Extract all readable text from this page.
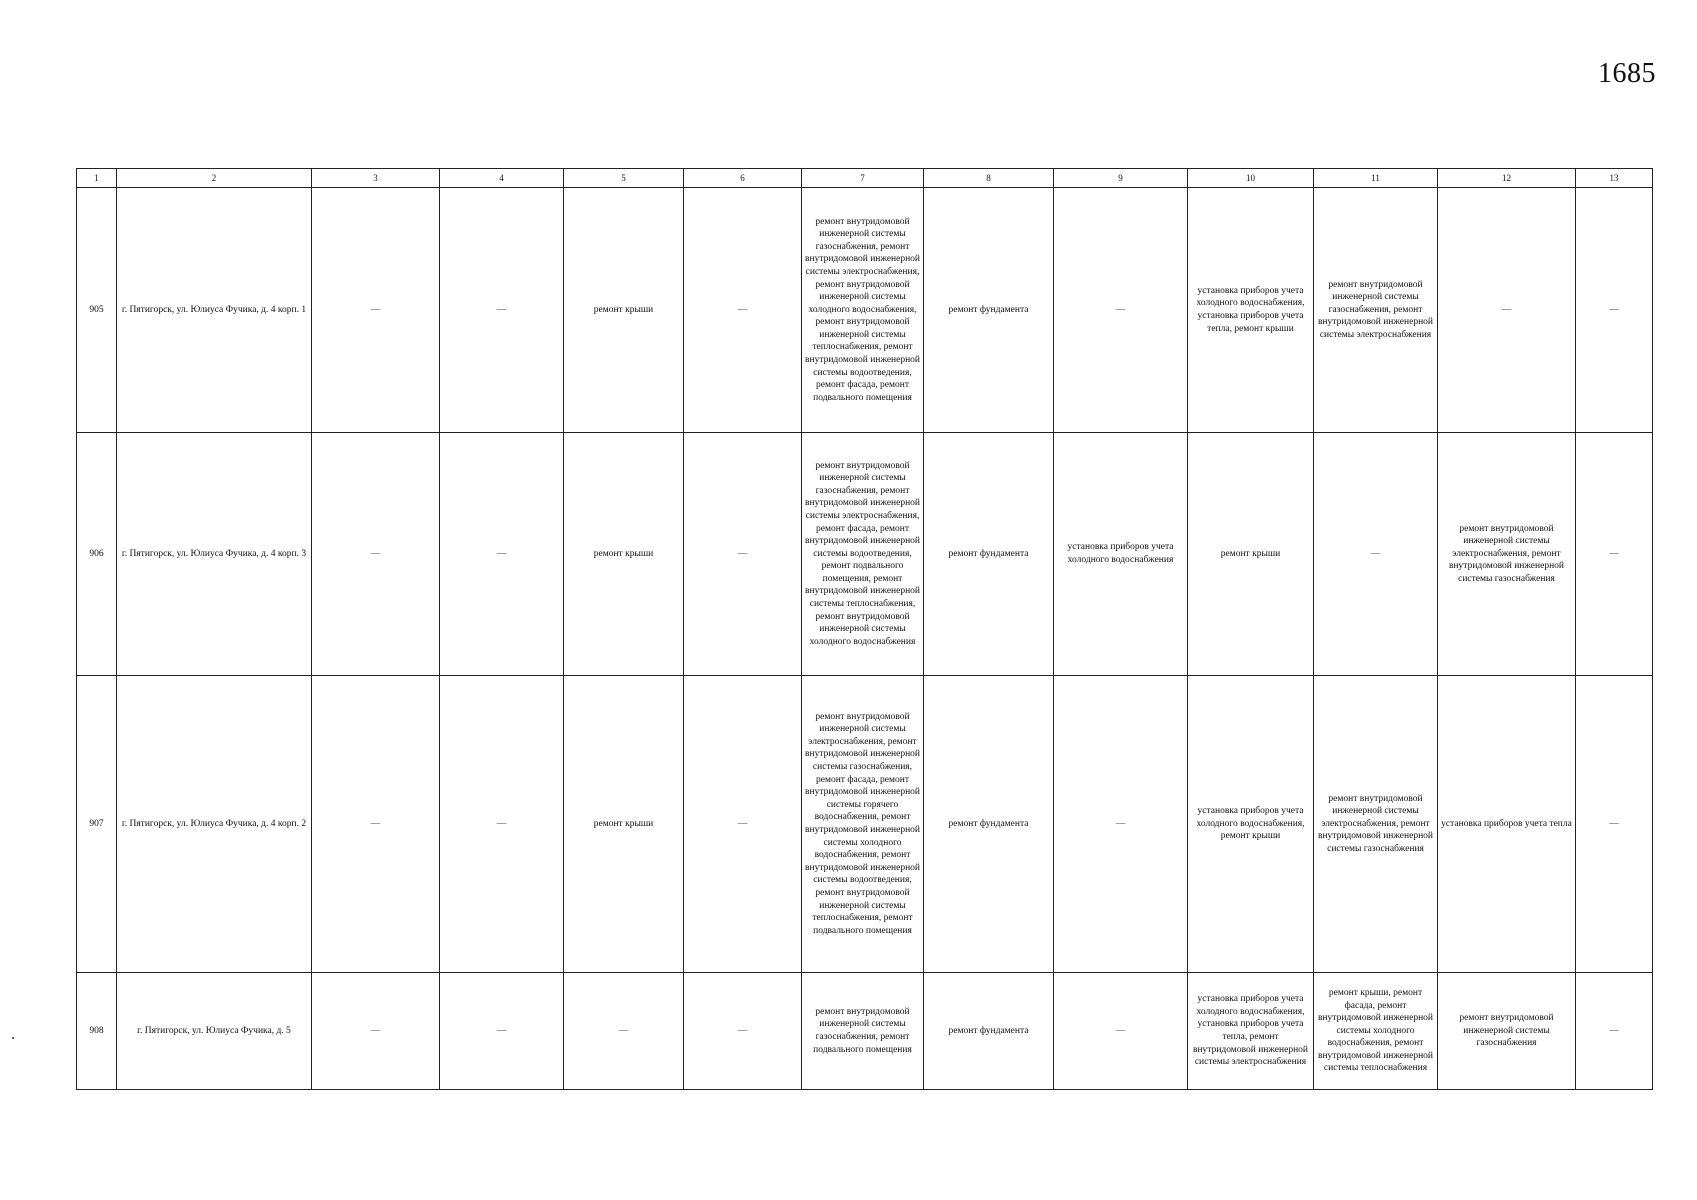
1685
1	2	3	4	5	6	7	8	9	10	11	12	13
905	г. Пятигорск, ул. Юлиуса Фучика, д. 4 корп. 1	—	—	ремонт крыши	—	ремонт внутридомовой инженерной системы газоснабжения, ремонт внутридомовой инженерной системы электроснабжения, ремонт внутридомовой инженерной системы холодного водоснабжения, ремонт внутридомовой инженерной системы теплоснабжения, ремонт внутридомовой инженерной системы водоотведения, ремонт фасада, ремонт подвального помещения	ремонт фундамента	—	установка приборов учета холодного водоснабжения, установка приборов учета тепла, ремонт крыши	ремонт внутридомовой инженерной системы газоснабжения, ремонт внутридомовой инженерной системы электроснабжения	—	—
906	г. Пятигорск, ул. Юлиуса Фучика, д. 4 корп. 3	—	—	ремонт крыши	—	ремонт внутридомовой инженерной системы газоснабжения, ремонт внутридомовой инженерной системы электроснабжения, ремонт фасада, ремонт внутридомовой инженерной системы водоотведения, ремонт подвального помещения, ремонт внутридомовой инженерной системы теплоснабжения, ремонт внутридомовой инженерной системы холодного водоснабжения	ремонт фундамента	установка приборов учета холодного водоснабжения	ремонт крыши	—	ремонт внутридомовой инженерной системы электроснабжения, ремонт внутридомовой инженерной системы газоснабжения	—
907	г. Пятигорск, ул. Юлиуса Фучика, д. 4 корп. 2	—	—	ремонт крыши	—	ремонт внутридомовой инженерной системы электроснабжения, ремонт внутридомовой инженерной системы газоснабжения, ремонт фасада, ремонт внутридомовой инженерной системы горячего водоснабжения, ремонт внутридомовой инженерной системы холодного водоснабжения, ремонт внутридомовой инженерной системы водоотведения, ремонт внутридомовой инженерной системы теплоснабжения, ремонт подвального помещения	ремонт фундамента	—	установка приборов учета холодного водоснабжения, ремонт крыши	ремонт внутридомовой инженерной системы электроснабжения, ремонт внутридомовой инженерной системы газоснабжения	установка приборов учета тепла	—
908	г. Пятигорск, ул. Юлиуса Фучика, д. 5	—	—	—	—	ремонт внутридомовой инженерной системы газоснабжения, ремонт подвального помещения	ремонт фундамента	—	установка приборов учета холодного водоснабжения, установка приборов учета тепла, ремонт внутридомовой инженерной системы электроснабжения	ремонт крыши, ремонт фасада, ремонт внутридомовой инженерной системы холодного водоснабжения, ремонт внутридомовой инженерной системы теплоснабжения	ремонт внутридомовой инженерной системы газоснабжения	—
